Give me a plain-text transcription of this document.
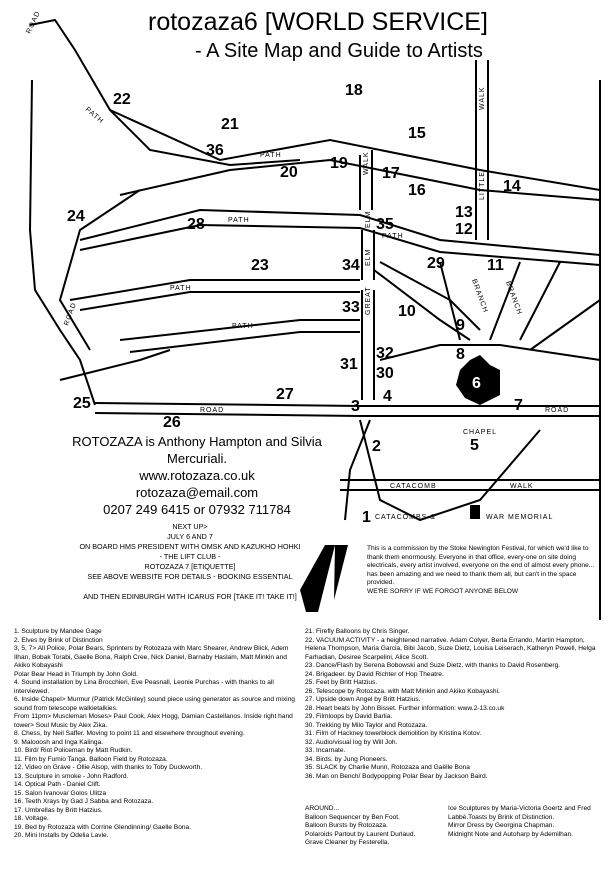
rotozaza6 [WORLD SERVICE]
- A Site Map and Guide to Artists
ROAD
PATH
PATH
PATH
PATH
PATH
PATH
WALK
WALK
LITTLE
ELM
ELM
GREAT
ROAD
ROAD	ROAD
CHAPEL
CATACOMB	WALK
CATACOMBS &	WAR MEMORIAL
BRANCH BRANCH
1
2
3
4
5
6
7
8
9
10
11
12
13
14
15
16
17
18
19
20
21
22
23
24
25
26
27
28
29
30
31
32
33
34
35
36
ROTOZAZA is Anthony Hampton and Silvia
Mercuriali.
www.rotozaza.co.uk
rotozaza@email.com
0207 249 6415 or 07932 711784
NEXT UP>
JULY 6 AND 7
ON BOARD HMS PRESIDENT WITH OMSK AND KAZUKHO HOHKI
- THE LIFT CLUB -
ROTOZAZA 7 [ETIQUETTE]
SEE ABOVE WEBSITE FOR DETAILS - BOOKING ESSENTIAL

AND THEN EDINBURGH WITH ICARUS FOR [TAKE IT! TAKE IT!]
This is a commission by the Stoke Newington Festival, for which we'd like to thank them enormously. Everyone in that office, every-one on site doing electricals, every artist involved, everyone on the end of almost every phone... has been amazing and we need to thank them all, but can't in the space provided.
WE'RE SORRY IF WE FORGOT ANYONE BELOW
1. Sculpture by Mandee Gage
2. Elves by Brink of Distinction
3, 5, 7> All Police, Polar Bears, Sprinters by Rotozaza with Marc Shearer, Andrew Blick, Adem Ilhan, Bobak Torabi, Gaelle Bona, Ralph Cree, Nick Daniel, Barnaby Haslam, Matt Minkin and Akiko Kobayashi
Polar Bear Head in Triumph by John Gold.
4. Sound installation by Lina Brocchieri, Eve Peasnall, Leonie Purchas - with thanks to all interviewed.
6. Inside Chapel> Murmur (Patrick McGinley) sound piece using generator as source and mixing sound from telescope walkietalkies.
From 11pm> Muscleman Moses> Paul Cook, Alex Hogg, Damian Castellanos. Inside right hand tower> Soul Music by Alex Zika.
8. Chess, by Neil Saffer. Moving to point 11 and elsewhere throughout evening.
9. Malooosh and Inga Kalinga.
10. Bird/ Riot Policeman by Matt Rudkin.
11. Film by Fumio Tanga. Balloon Field by Rotozaza.
12. Video on Grave - Ollie Alsop, with thanks to Toby Duckworth.
13. Sculpture in smoke - John Radford.
14. Optical Path - Daniel Clift.
15. Salon Ivanova/ Golos Ulitza
16. Teeth Xrays by Gad J Sabba and Rotozaza.
17. Umbrellas by Britt Hatzius.
18. Voltage.
19. Bed by Rotozaza with Corrine Glendinning/ Gaelle Bona.
20. Mini Installs by Odelia Lavie.
21. Firefly Balloons by Chris Singer.
22. VACUUM ACTIVITY - a heightened narrative. Adam Colyer, Berta Errando, Martin Hampton, Helena Thompson, Maria Garcia, Bibi Jacob, Suze Dietz, Louisa Leiserach, Katheryn Powell, Helga Farhadian, Desiree Scarpelini, Alice Scott.
23. Dance/Flash by Serena Bobowski and Suze Dietz, with thanks to David Rosenberg.
24. Brigadeer. by David Richter of Hop Theatre.
25. Feet by Britt Hatzius.
26. Telescope by Rotozaza. with Matt Minkin and Akiko Kobayashi.
27. Upside down Angel by Britt Hatzius.
28. Heart beats by John Bisset. Further information: www.2-13.co.uk
29. Filmloops by David Barlia.
30. Trekking by Milo Taylor and Rotozaza.
31. Film of Hackney towerblock demolition by Kristina Kotov.
32. Audio/visual log by Will Joh.
33. Incarnate.
34. Birds. by Jung Pioneers.
35. SLACK by Charlie Munn, Rotozaza and Gaëlle Bona
36. Man on Bench/ Bodypopping Polar Bear by Jackson Baird.
AROUND...
Balloon Sequencer by Ben Foot.
Balloon Bursts by Rotozaza.
Polaroids Partout by Laurent Durlaud.
Grave Cleaner by Festerella.
Ice Sculptures by Maria-Victoria Goertz and Fred Labbé.Toasts by Brink of Distinction.
Mirror Dress by Georgina Chapman.
Midnight Note and Autoharp by Ademilhan.
